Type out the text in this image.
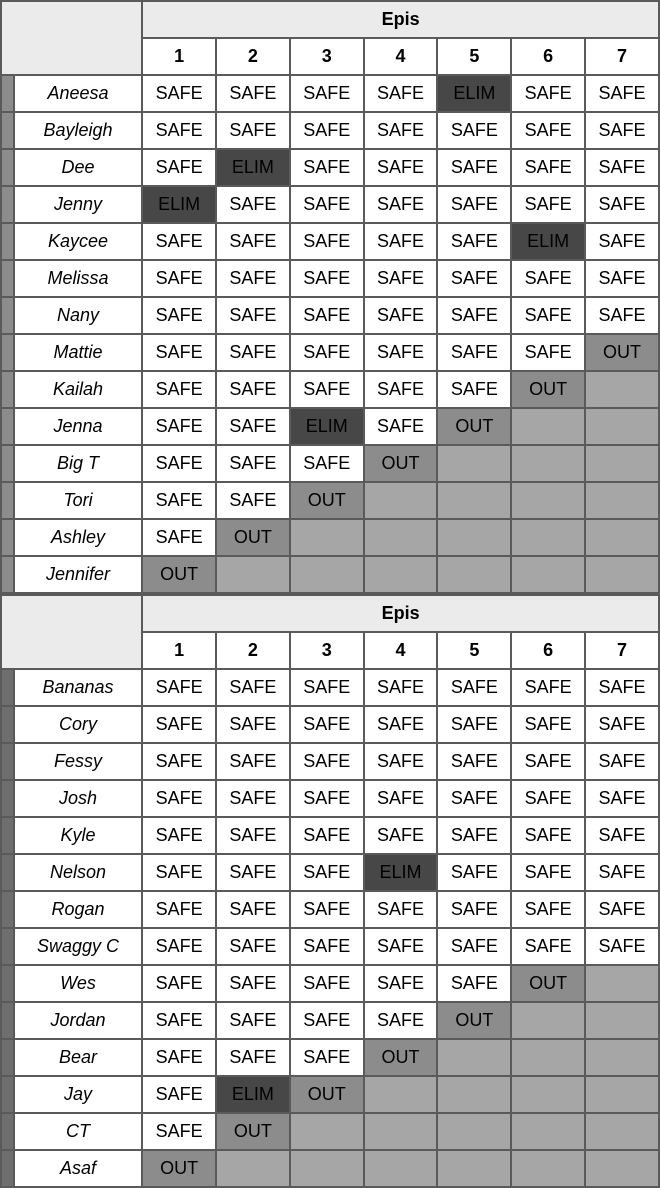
		Epis						
		1	2	3	4	5	6	7
	Aneesa	SAFE	SAFE	SAFE	SAFE	ELIM	SAFE	SAFE
	Bayleigh	SAFE	SAFE	SAFE	SAFE	SAFE	SAFE	SAFE
	Dee	SAFE	ELIM	SAFE	SAFE	SAFE	SAFE	SAFE
	Jenny	ELIM	SAFE	SAFE	SAFE	SAFE	SAFE	SAFE
	Kaycee	SAFE	SAFE	SAFE	SAFE	SAFE	ELIM	SAFE
	Melissa	SAFE	SAFE	SAFE	SAFE	SAFE	SAFE	SAFE
	Nany	SAFE	SAFE	SAFE	SAFE	SAFE	SAFE	SAFE
	Mattie	SAFE	SAFE	SAFE	SAFE	SAFE	SAFE	OUT
	Kailah	SAFE	SAFE	SAFE	SAFE	SAFE	OUT	
	Jenna	SAFE	SAFE	ELIM	SAFE	OUT		
	Big T	SAFE	SAFE	SAFE	OUT			
	Tori	SAFE	SAFE	OUT				
	Ashley	SAFE	OUT					
	Jennifer	OUT						
		Epis						
		1	2	3	4	5	6	7
	Bananas	SAFE	SAFE	SAFE	SAFE	SAFE	SAFE	SAFE
	Cory	SAFE	SAFE	SAFE	SAFE	SAFE	SAFE	SAFE
	Fessy	SAFE	SAFE	SAFE	SAFE	SAFE	SAFE	SAFE
	Josh	SAFE	SAFE	SAFE	SAFE	SAFE	SAFE	SAFE
	Kyle	SAFE	SAFE	SAFE	SAFE	SAFE	SAFE	SAFE
	Nelson	SAFE	SAFE	SAFE	ELIM	SAFE	SAFE	SAFE
	Rogan	SAFE	SAFE	SAFE	SAFE	SAFE	SAFE	SAFE
	Swaggy C	SAFE	SAFE	SAFE	SAFE	SAFE	SAFE	SAFE
	Wes	SAFE	SAFE	SAFE	SAFE	SAFE	OUT	
	Jordan	SAFE	SAFE	SAFE	SAFE	OUT		
	Bear	SAFE	SAFE	SAFE	OUT			
	Jay	SAFE	ELIM	OUT				
	CT	SAFE	OUT					
	Asaf	OUT						
